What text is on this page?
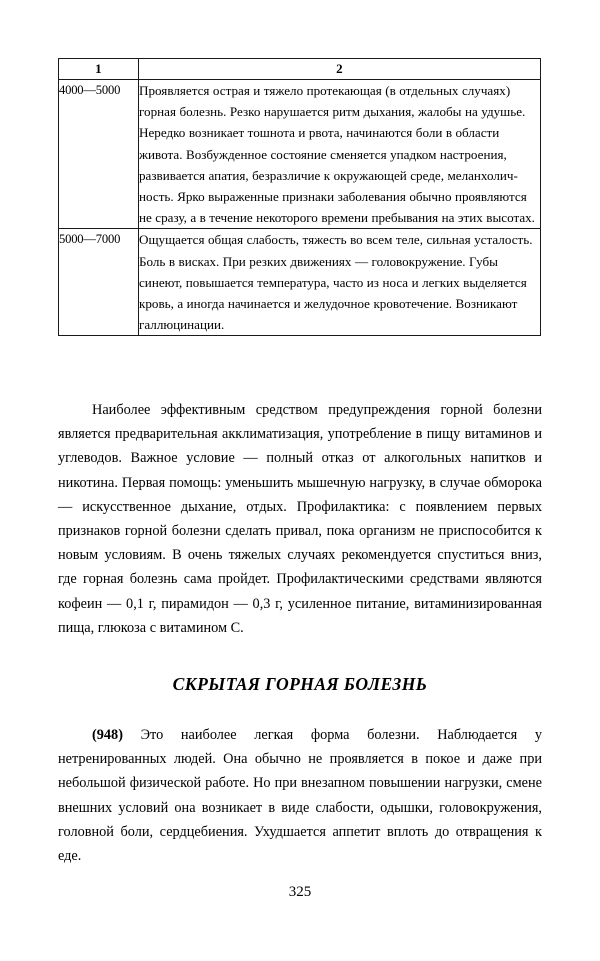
1	2
4000—5000	Проявляется острая и тяжело протекающая (в отдельных случаях) горная болезнь. Резко нарушается ритм дыхания, жалобы на удушье. Нередко возникает тошнота и рвота, начинаются боли в области живота. Возбужденное состояние сменяется упадком настроения, развивается апатия, безразличие к окружающей среде, меланхоличность. Ярко выраженные признаки заболевания обычно проявляются не сразу, а в течение некоторого времени пребывания на этих высотах.
5000—7000	Ощущается общая слабость, тяжесть во всем теле, сильная усталость. Боль в висках. При резких движениях — головокружение. Губы синеют, повышается температура, часто из носа и легких выделяется кровь, а иногда начинается и желудочное кровотечение. Возникают галлюцинации.

Наиболее эффективным средством предупреждения горной болезни является предварительная акклиматизация, употребление в пищу витаминов и углеводов. Важное условие — полный отказ от алкогольных напитков и никотина. Первая помощь: уменьшить мышечную нагрузку, в случае обморока — искусственное дыхание, отдых. Профилактика: с появлением первых признаков горной болезни сделать привал, пока организм не приспособится к новым условиям. В очень тяжелых случаях рекомендуется спуститься вниз, где горная болезнь сама пройдет. Профилактическими средствами являются кофеин — 0,1 г, пирамидон — 0,3 г, усиленное питание, витаминизированная пища, глюкоза с витамином С.

СКРЫТАЯ ГОРНАЯ БОЛЕЗНЬ

(948) Это наиболее легкая форма болезни. Наблюдается у нетренированных людей. Она обычно не проявляется в покое и даже при небольшой физической работе. Но при внезапном повышении нагрузки, смене внешних условий она возникает в виде слабости, одышки, головокружения, головной боли, сердцебиения. Ухудшается аппетит вплоть до отвращения к еде.

325
